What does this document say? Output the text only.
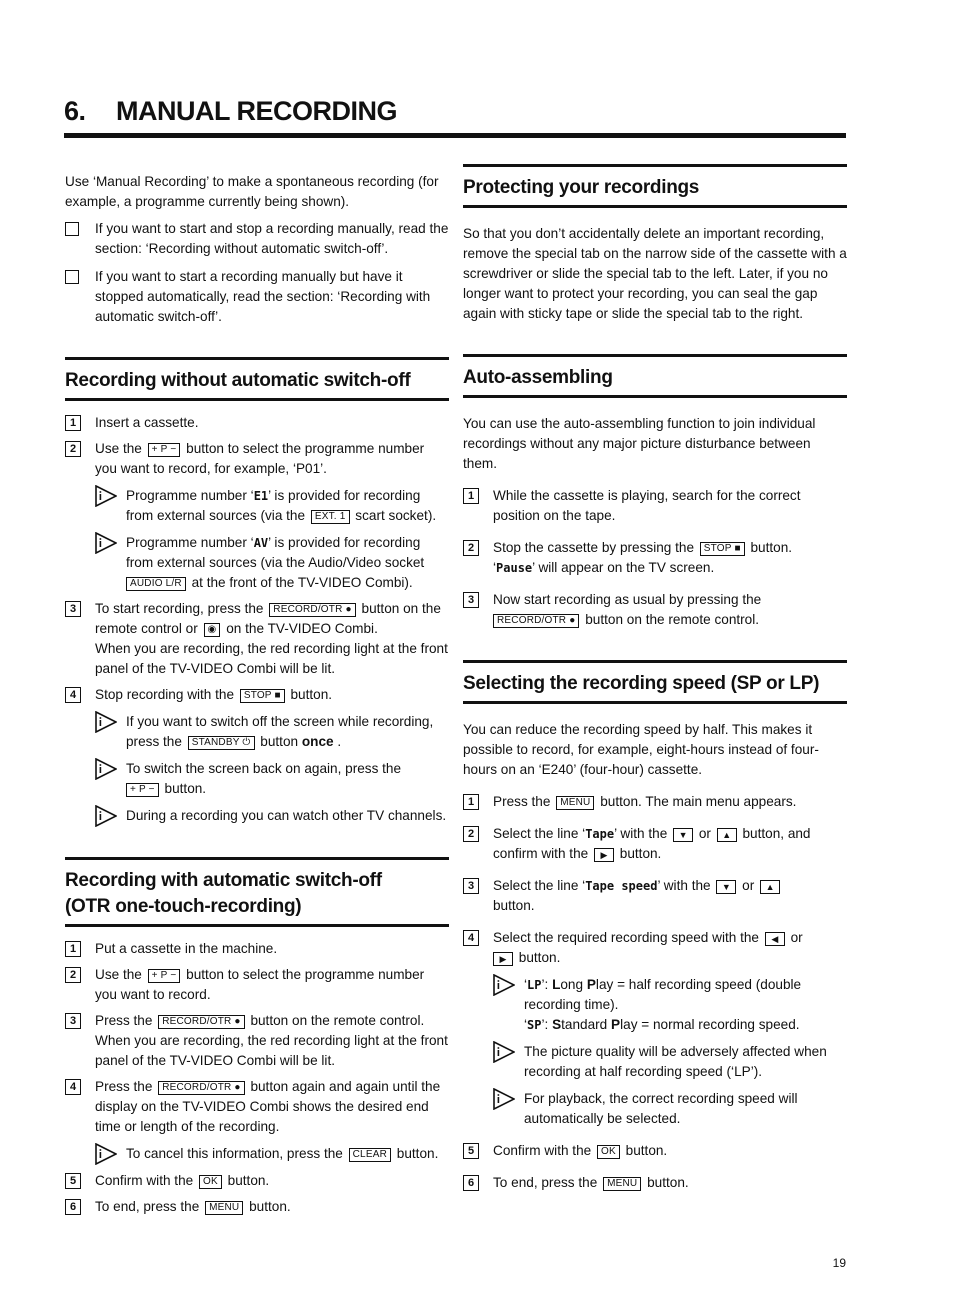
6.	MANUAL RECORDING

Use ‘Manual Recording’ to make a spontaneous recording (for example, a programme currently being shown).

If you want to start and stop a recording manually, read the section: ‘Recording without automatic switch-off’.
If you want to start a recording manually but have it stopped automatically, read the section: ‘Recording with automatic switch-off’.
Recording without automatic switch-off
1	Insert a cassette.
2	Use the + P − button to select the programme number you want to record, for example, ‘P01’.
Programme number ‘E1’ is provided for recording from external sources (via the EXT. 1 scart socket).
Programme number ‘AV’ is provided for recording from external sources (via the Audio/Video socket AUDIO L/R at the front of the TV-VIDEO Combi).
3	To start recording, press the RECORD/OTR ● button on the remote control or ◉ on the TV-VIDEO Combi.
When you are recording, the red recording light at the front panel of the TV-VIDEO Combi will be lit.
4	Stop recording with the STOP ■ button.
If you want to switch off the screen while recording, press the STANDBY ⏻ button once .
To switch the screen back on again, press the
+ P − button.
During a recording you can watch other TV channels.
Recording with automatic switch-off
(OTR one-touch-recording)
1	Put a cassette in the machine.
2	Use the + P − button to select the programme number you want to record.
3	Press the RECORD/OTR ● button on the remote control.
When you are recording, the red recording light at the front panel of the TV-VIDEO Combi will be lit.
4	Press the RECORD/OTR ● button again and again until the display on the TV-VIDEO Combi shows the desired end time or length of the recording.
To cancel this information, press the CLEAR button.
5	Confirm with the OK button.
6	To end, press the MENU button.
Protecting your recordings

So that you don’t accidentally delete an important recording, remove the special tab on the narrow side of the cassette with a screwdriver or slide the special tab to the left. Later, if you no longer want to protect your recording, you can seal the gap again with sticky tape or slide the special tab to the right.

Auto-assembling

You can use the auto-assembling function to join individual recordings without any major picture disturbance between them.

1	While the cassette is playing, search for the correct position on the tape.
2	Stop the cassette by pressing the STOP ■ button.
‘Pause’ will appear on the TV screen.
3	Now start recording as usual by pressing the
RECORD/OTR ● button on the remote control.
Selecting the recording speed (SP or LP)

You can reduce the recording speed by half. This makes it possible to record, for example, eight-hours instead of four-hours on an ‘E240’ (four-hour) cassette.

1	Press the MENU button. The main menu appears.
2	Select the line ‘Tape’ with the ▼ or ▲ button, and confirm with the ▶ button.
3	Select the line ‘Tape speed’ with the ▼ or ▲
button.
4	Select the required recording speed with the ◀ or
▶ button.
‘LP’: Long Play = half recording speed (double recording time).
‘SP’: Standard Play = normal recording speed.
The picture quality will be adversely affected when recording at half recording speed (‘LP’).
For playback, the correct recording speed will automatically be selected.
5	Confirm with the OK button.
6	To end, press the MENU button.
19
